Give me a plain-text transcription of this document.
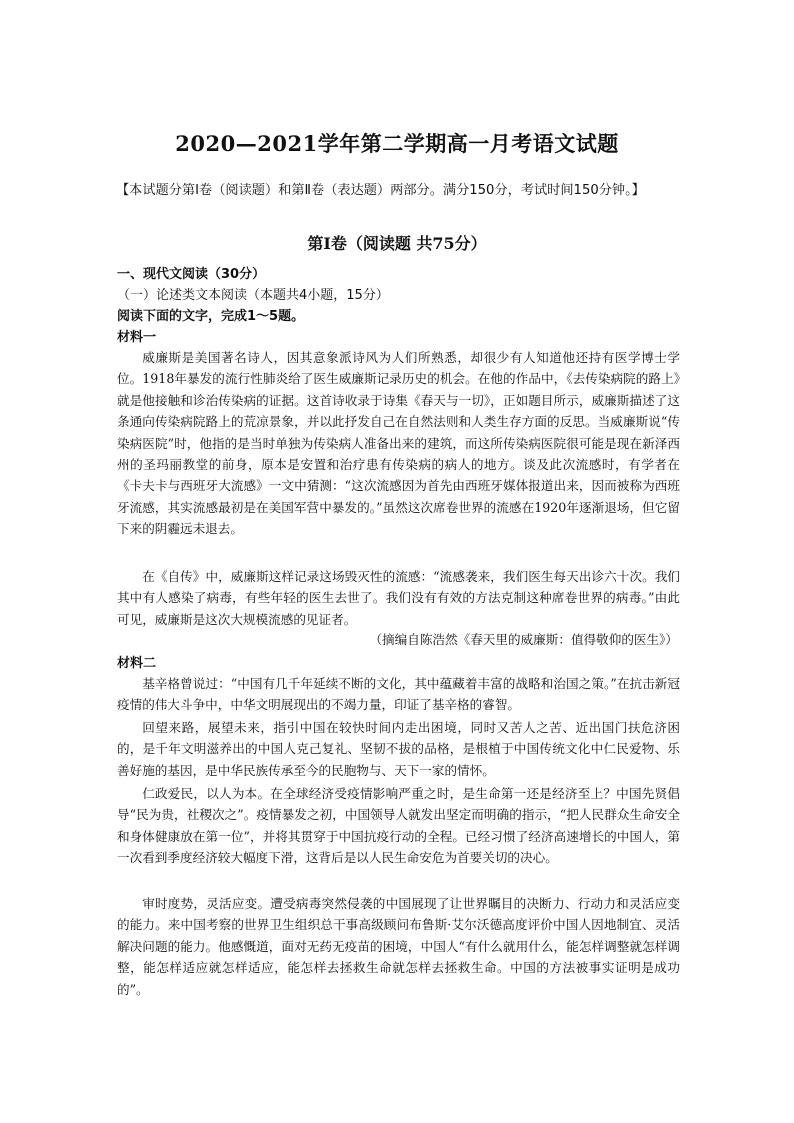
2020—2021学年第二学期高一月考语文试题
【本试题分第Ⅰ卷（阅读题）和第Ⅱ卷（表达题）两部分。满分150分，考试时间150分钟。】
第Ⅰ卷（阅读题 共75分）
一、现代文阅读（30分）
（一）论述类文本阅读（本题共4小题，15分）
阅读下面的文字，完成1～5题。
材料一

威廉斯是美国著名诗人，因其意象派诗风为人们所熟悉，却很少有人知道他还持有医学博士学位。1918年暴发的流行性肺炎给了医生威廉斯记录历史的机会。在他的作品中，《去传染病院的路上》就是他接触和诊治传染病的证据。这首诗收录于诗集《春天与一切》，正如题目所示，威廉斯描述了这条通向传染病院路上的荒凉景象，并以此抒发自己在自然法则和人类生存方面的反思。当威廉斯说“传染病医院”时，他指的是当时单独为传染病人准备出来的建筑，而这所传染病医院很可能是现在新泽西州的圣玛丽教堂的前身，原本是安置和治疗患有传染病的病人的地方。谈及此次流感时，有学者在《卡夫卡与西班牙大流感》一文中猜测：“这次流感因为首先由西班牙媒体报道出来，因而被称为西班牙流感，其实流感最初是在美国军营中暴发的。”虽然这次席卷世界的流感在1920年逐渐退场，但它留下来的阴霾远未退去。

在《自传》中，威廉斯这样记录这场毁灭性的流感：“流感袭来，我们医生每天出诊六十次。我们其中有人感染了病毒，有些年轻的医生去世了。我们没有有效的方法克制这种席卷世界的病毒。”由此可见，威廉斯是这次大规模流感的见证者。

（摘编自陈浩然《春天里的威廉斯：值得敬仰的医生》）
材料二

基辛格曾说过：“中国有几千年延续不断的文化，其中蕴藏着丰富的战略和治国之策。”在抗击新冠疫情的伟大斗争中，中华文明展现出的不竭力量，印证了基辛格的睿智。

回望来路，展望未来，指引中国在较快时间内走出困境，同时又苦人之苦、近出国门扶危济困的，是千年文明滋养出的中国人克己复礼、坚韧不拔的品格，是根植于中国传统文化中仁民爱物、乐善好施的基因，是中华民族传承至今的民胞物与、天下一家的情怀。

仁政爱民，以人为本。在全球经济受疫情影响严重之时，是生命第一还是经济至上？中国先贤倡导“民为贵，社稷次之”。疫情暴发之初，中国领导人就发出坚定而明确的指示，“把人民群众生命安全和身体健康放在第一位”，并将其贯穿于中国抗疫行动的全程。已经习惯了经济高速增长的中国人，第一次看到季度经济较大幅度下滑，这背后是以人民生命安危为首要关切的决心。

审时度势，灵活应变。遭受病毒突然侵袭的中国展现了让世界瞩目的决断力、行动力和灵活应变的能力。来中国考察的世界卫生组织总干事高级顾问布鲁斯·艾尔沃德高度评价中国人因地制宜、灵活解决问题的能力。他感慨道，面对无药无疫苗的困境，中国人“有什么就用什么，能怎样调整就怎样调整，能怎样适应就怎样适应，能怎样去拯救生命就怎样去拯救生命。中国的方法被事实证明是成功的”。
